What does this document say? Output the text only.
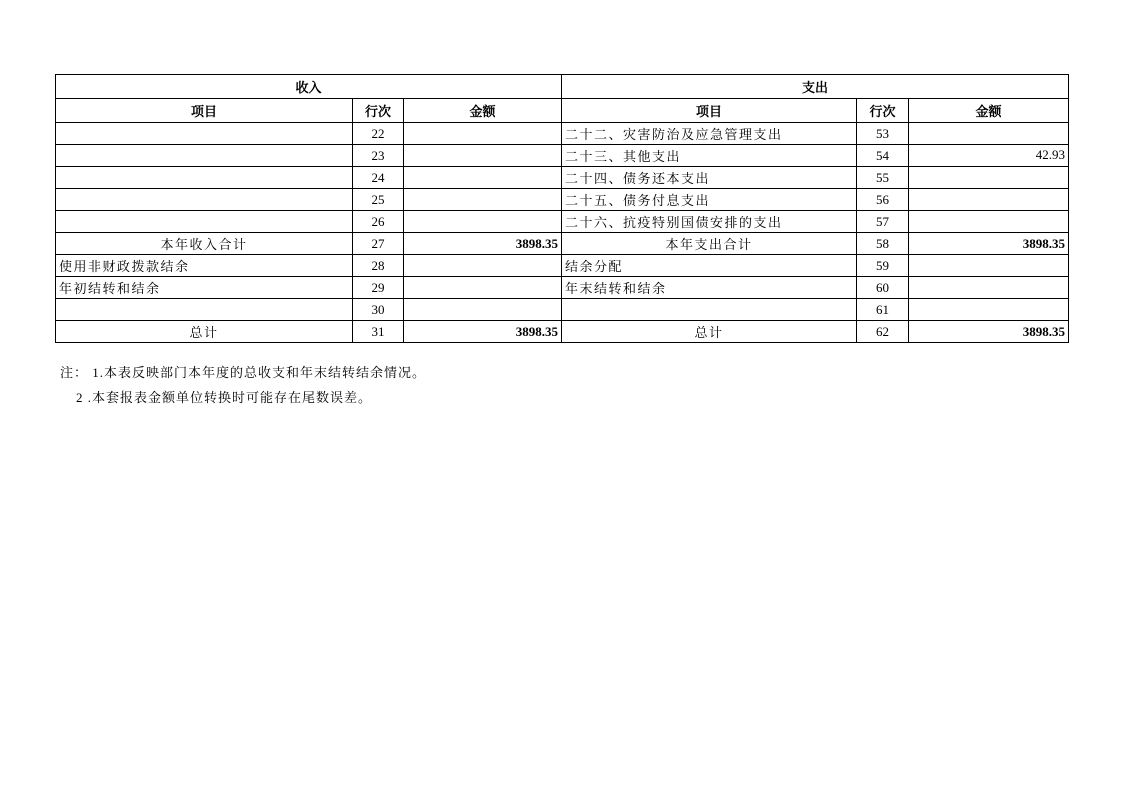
收入			支出		
项目	行次	金额	项目	行次	金额
	22		二十二、灾害防治及应急管理支出	53	
	23		二十三、其他支出	54	42.93
	24		二十四、债务还本支出	55	
	25		二十五、债务付息支出	56	
	26		二十六、抗疫特别国债安排的支出	57	
本年收入合计	27	3898.35	本年支出合计	58	3898.35
使用非财政拨款结余	28		结余分配	59	
年初结转和结余	29		年末结转和结余	60	
	30			61	
总计	31	3898.35	总计	62	3898.35
注： 1.本表反映部门本年度的总收支和年末结转结余情况。
2 .本套报表金额单位转换时可能存在尾数误差。
